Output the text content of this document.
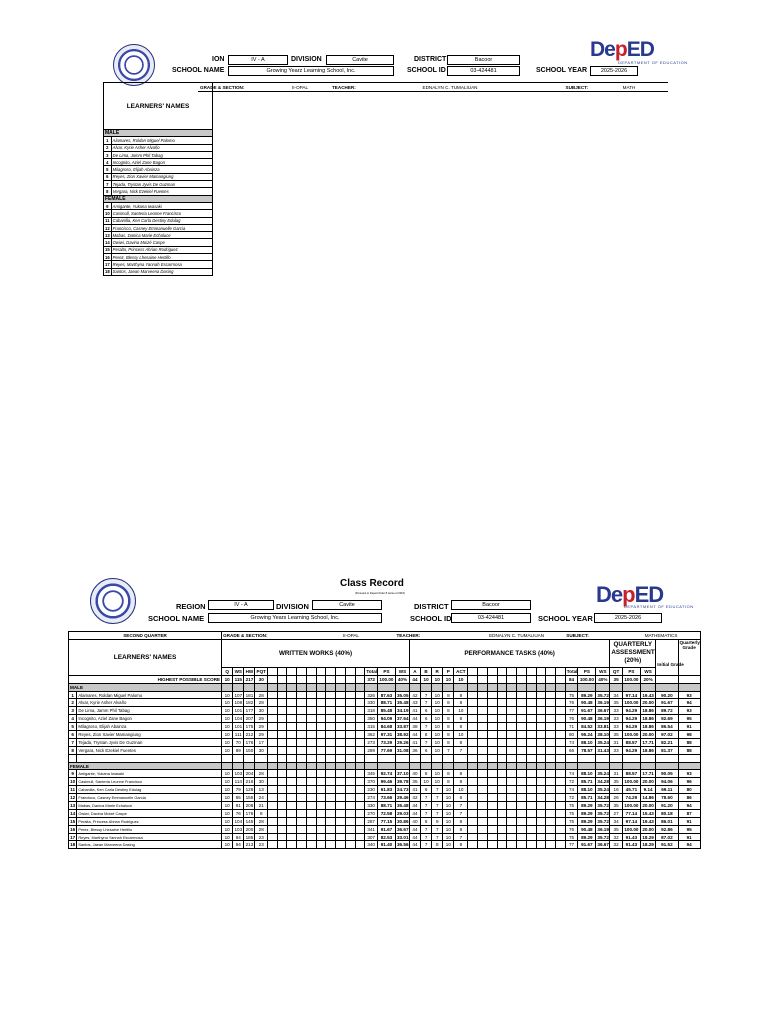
ION	IV - A	DIVISION	Cavite	DISTRICT	Bacoor
SCHOOL NAME	Growing Yearz Learning School, Inc.	SCHOOL ID	03-424481	SCHOOL YEAR	2025-2026
DepED
DEPARTMENT OF EDUCATION
GRADE & SECTION:	II-OPAL	TEACHER:	EDNALYN C. TUMALIUAN	SUBJECT:	MATH
LEARNERS' NAMES	
MALE	
1	Alamares, Roldan Miguel Palomo
2	Alvar, Kyrie Asher Alvaño
3	De Lima, Jamm Phil Tabag
4	Incognito, Aziel Zane Bagon
5	Milagroso, Elijah Abainza
6	Reyes, Zion Xavier Mamangiung
7	Tejada, Trystan Jyvis De Guzman
8	Vergara, Nick Ezekiel Fuentes
FEMALE	
9	Amigante, Yukana Iwasaki
10	Casimull, Santeria Leonne Francisco
11	Cabanilla, Ken Carla Destiny Edulag
12	Francisco, Casney Emmanuelle Garcia
13	Mabas, Danica Marie Echaluce
14	Owiwi, Davina Moizé Caspe
15	Peralta, Princess Ahrian Rodriguez
16	Perez, Blessy Lhesaine Hertillo
17	Reyes, Marthyna Yannah Escarrnosa
18	Santos, Jaean Marveena Dasing
Class Record
(Pursuant to Deped Order 8 series of 2015)	DepED
DEPARTMENT OF EDUCATION
REGION	IV - A	DIVISION	Cavite	DISTRICT	Bacoor
SCHOOL NAME	Growing Years Learning School, Inc.	SCHOOL ID	03-424481	SCHOOL YEAR	2025-2026
SECOND QUARTER		GRADE & SECTION:								II-OPAL								TEACHER:						EDNALYN C. TUMALIUAN										SUBJECT:				MATHEMATICS			
LEARNERS' NAMES		WRITTEN WORKS (40%)																	PERFORMANCE TASKS (40%)																		QUARTERLY ASSESSMENT (20%)			Initial Grade	Quarterly Grade
		Q	WS	HW	PQT											Total	PS	WS	A	B	R	P	ACT											Total	PS	WS	QT	PS	WS		
HIGHEST POSSIBLE SCORE		10	115	217	30											372	100.00	40%	44	10	10	10	10											84	100.00	40%	35	100.00	20%		
MALE																																									
1	Alamares, Roldan Miguel Palomo	10	107	181	28											326	87.63	35.05	42	7	10	8	8											75	89.29	35.72	34	97.14	19.43	90.20	93
2	Alvar, Kyrie Asher Alvaño	10	108	182	28											330	88.71	35.48	43	7	10	8	8											76	90.48	36.19	35	100.00	20.00	91.67	94
3	De Lima, Jamm Phil Tabag	10	101	177	30											318	85.48	34.19	41	6	10	8	10											77	91.67	36.67	33	94.29	18.86	89.72	93
4	Incognito, Aziel Zane Bagon	10	104	207	29											350	94.09	37.64	44	6	10	8	8											76	90.48	36.19	33	94.29	18.86	92.69	95
5	Milagroso, Elijah Abainza	10	101	175	29											315	84.68	33.87	38	7	10	8	8											71	84.52	33.81	33	94.29	18.86	86.54	91
6	Reyes, Zion Xavier Mamangiung	10	111	212	29											362	97.31	38.92	44	8	10	8	10											80	95.24	38.10	35	100.00	20.00	97.02	98
7	Tejada, Trystan Jyvis De Guzman	10	70	176	17											273	73.29	29.26	41	7	10	8	8											74	88.10	35.24	31	88.57	17.71	82.21	88
8	Vergara, Nick Ezekiel Fuentes	10	89	150	30											289	77.69	31.08	36	6	10	7	7											66	78.57	31.43	33	94.29	18.86	81.37	88

FEMALE																																									
9	Amigante, Yukana Iwasaki	10	103	204	28											345	92.74	37.10	40	8	10	8	8											74	88.10	35.24	31	88.57	17.71	90.05	93
10	Casimull, Santeria Leonne Francisco	10	114	216	30											370	99.46	39.78	35	10	10	8	8											72	85.71	34.28	35	100.00	20.00	94.06	96
11	Cabanilla, Ken Carla Destiny Edulag	10	79	128	13											230	61.83	24.73	41	6	7	10	10											74	88.10	35.24	16	45.71	9.14	69.11	80
12	Francisco, Casney Emmanuelle Garcia	10	85	155	24											274	73.66	29.46	42	7	7	10	6											72	85.71	34.28	26	74.29	14.86	78.60	86
13	Mabas, Danica Marie Echaluce	10	91	208	21											330	88.71	35.48	44	7	7	10	7											75	89.29	35.72	35	100.00	20.00	91.20	94
14	Owiwi, Davina Moizé Caspe	10	76	176	8											270	72.58	29.03	44	7	7	10	7											75	89.29	35.72	27	77.14	15.43	80.18	87
15	Peralta, Princess Ahrian Rodriguez	10	104	145	28											287	77.15	30.86	40	8	9	10	8											75	89.29	35.72	34	97.14	19.43	86.01	91
16	Perez, Blessy Lhesaine Hertillo	10	103	200	28											341	91.67	36.67	44	7	7	10	8											76	90.48	36.19	35	100.00	20.00	92.86	95
17	Reyes, Marthyna Yannah Escarrnosa	10	94	185	23											307	82.53	33.01	44	7	7	10	7											75	89.29	35.72	32	91.43	18.29	87.02	91
18	Santos, Jaean Marveena Dasing	10	94	213	23											340	91.40	36.56	44	7	8	10	8											77	91.67	36.67	32	91.43	18.29	91.52	94
